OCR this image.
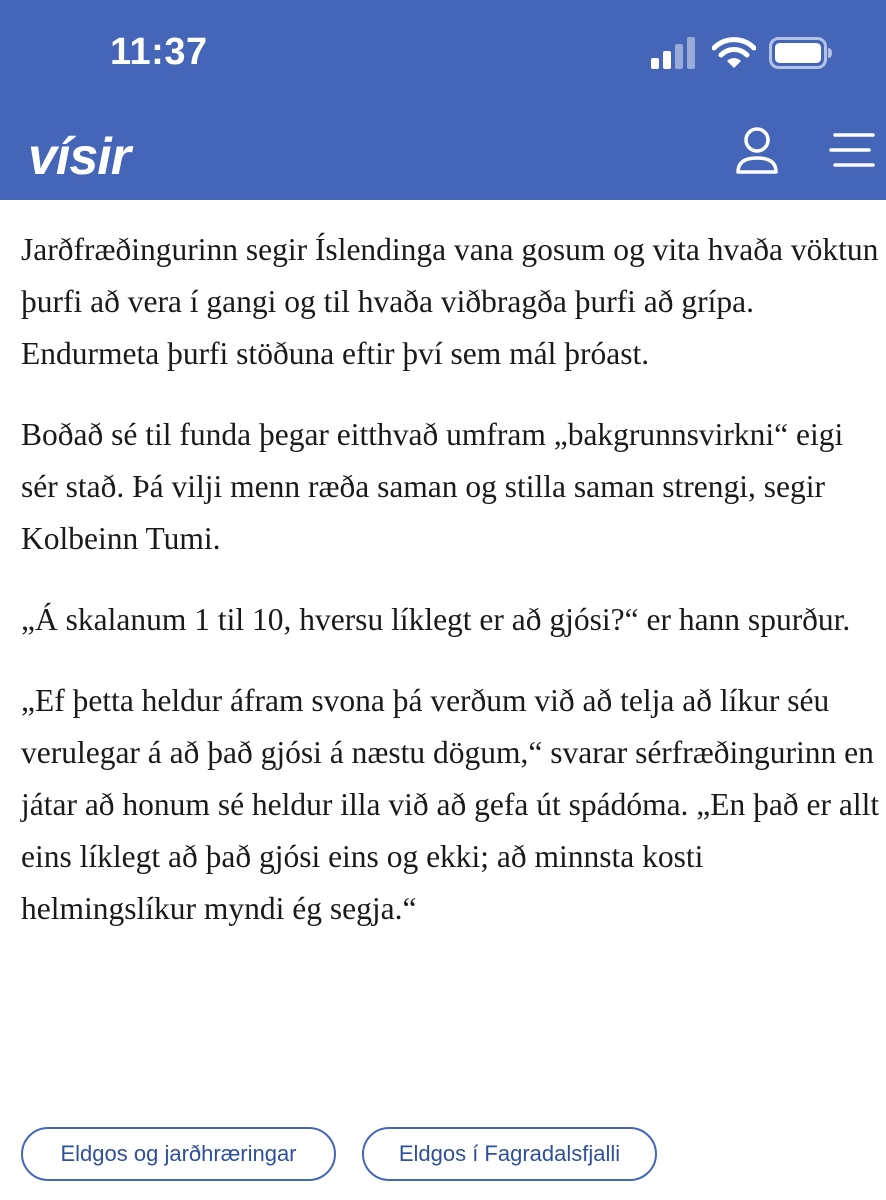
11:37
vísir

Jarðfræðingurinn segir Íslendinga vana gosum og vita hvaða vöktun þurfi að vera í gangi og til hvaða viðbragða þurfi að grípa. Endurmeta þurfi stöðuna eftir því sem mál þróast.

Boðað sé til funda þegar eitthvað umfram „bakgrunnsvirkni“ eigi sér stað. Þá vilji menn ræða saman og stilla saman strengi, segir Kolbeinn Tumi.

„Á skalanum 1 til 10, hversu líklegt er að gjósi?“ er hann spurður.

„Ef þetta heldur áfram svona þá verðum við að telja að líkur séu verulegar á að það gjósi á næstu dögum,“ svarar sérfræðingurinn en játar að honum sé heldur illa við að gefa út spádóma. „En það er allt eins líklegt að það gjósi eins og ekki; að minnsta kosti helmingslíkur myndi ég segja.“

Eldgos og jarðhræringar	Eldgos í Fagradalsfjalli
